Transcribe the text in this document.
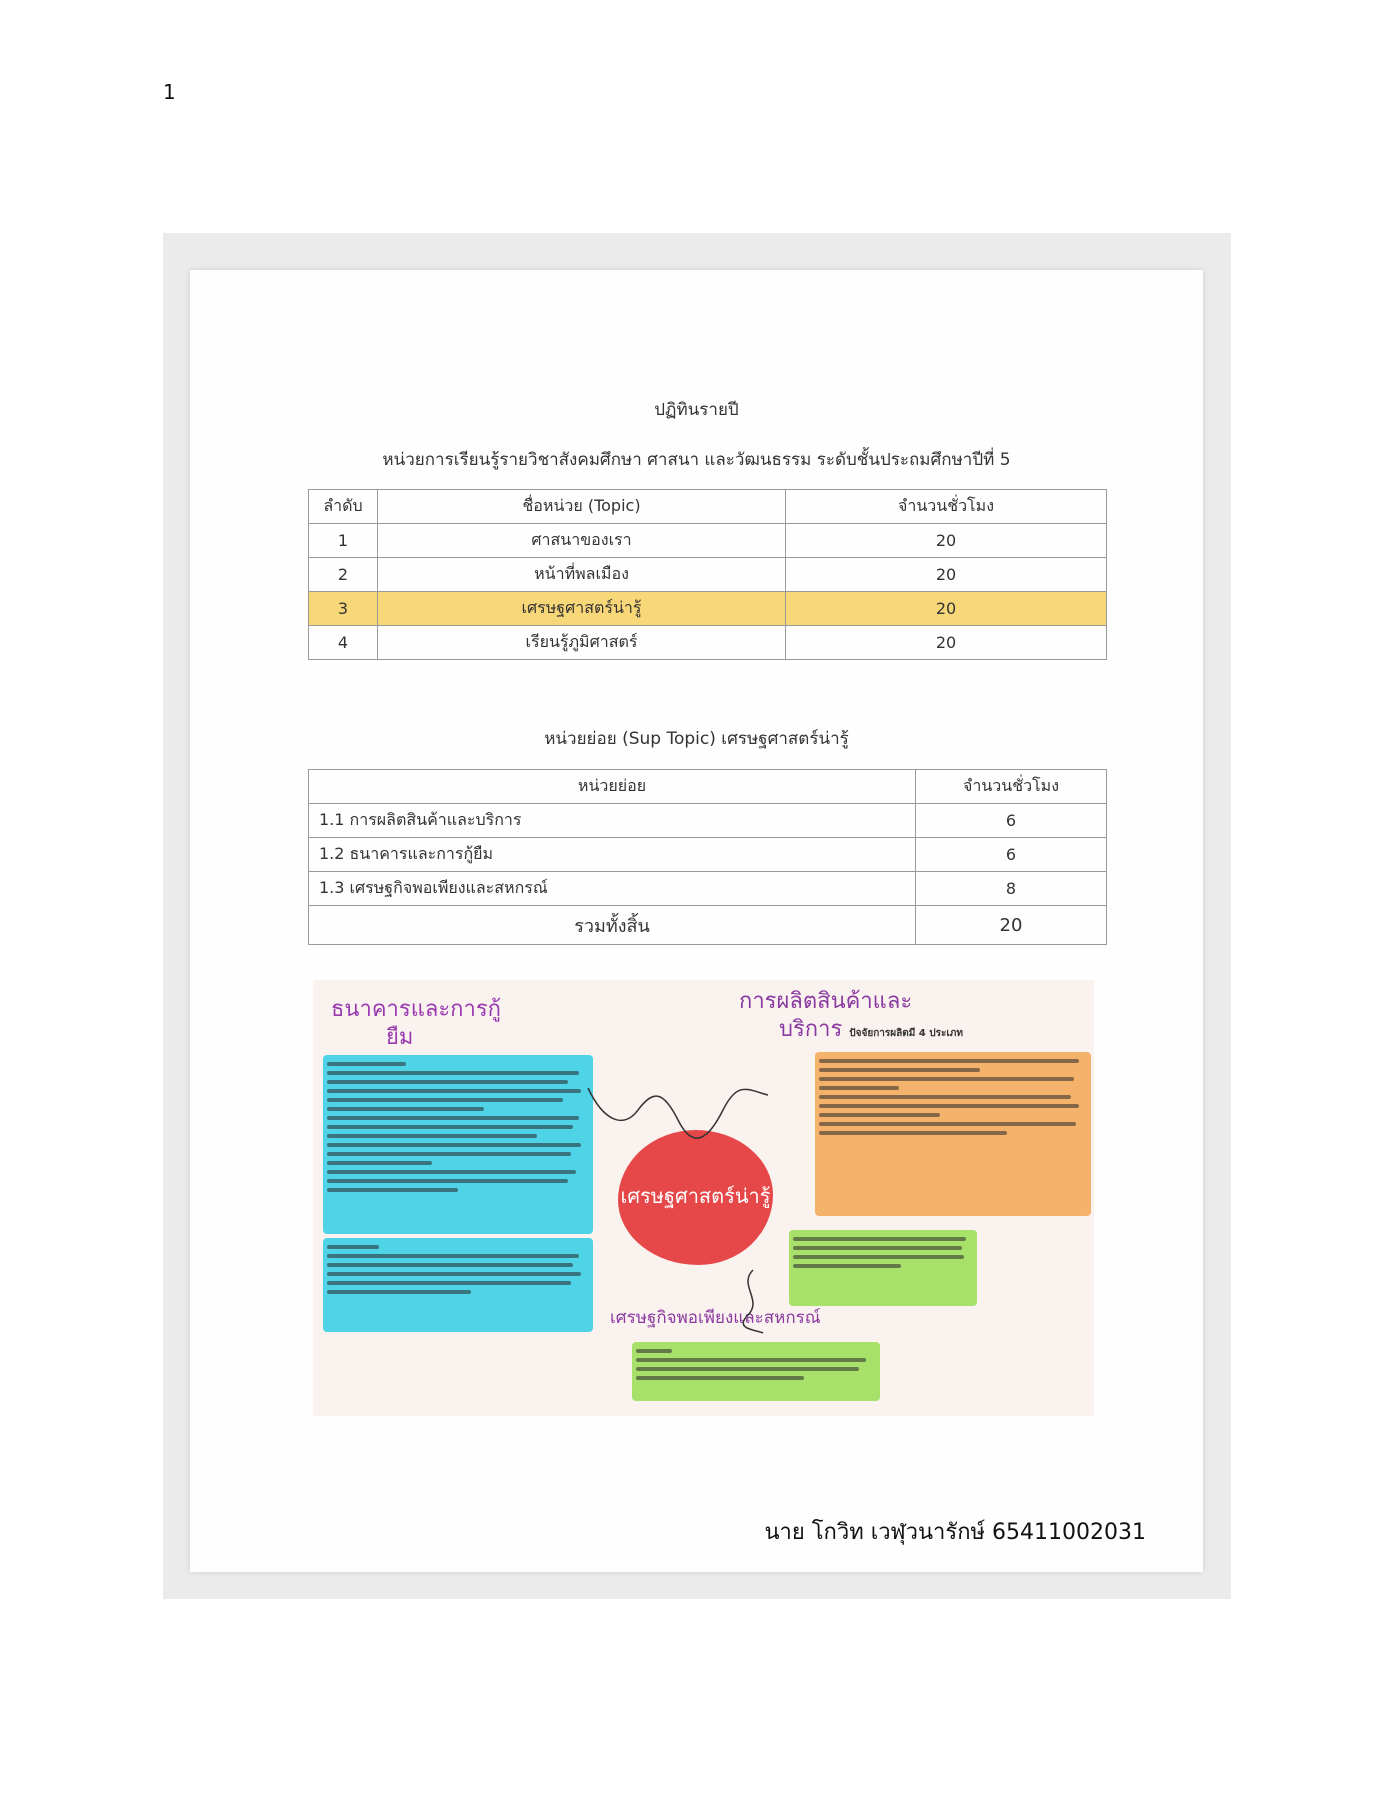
1
ปฏิทินรายปี
หน่วยการเรียนรู้รายวิชาสังคมศึกษา ศาสนา และวัฒนธรรม ระดับชั้นประถมศึกษาปีที่ 5
ลำดับ	ชื่อหน่วย (Topic)	จำนวนชั่วโมง
1	ศาสนาของเรา	20
2	หน้าที่พลเมือง	20
3	เศรษฐศาสตร์น่ารู้	20
4	เรียนรู้ภูมิศาสตร์	20
หน่วยย่อย (Sup Topic) เศรษฐศาสตร์น่ารู้
หน่วยย่อย	จำนวนชั่วโมง
1.1 การผลิตสินค้าและบริการ	6
1.2 ธนาคารและการกู้ยืม	6
1.3 เศรษฐกิจพอเพียงและสหกรณ์	8
รวมทั้งสิ้น	20
ธนาคารและการกู้
ยืม
การผลิตสินค้าและ
บริการ ปัจจัยการผลิตมี 4 ประเภท
เศรษฐกิจพอเพียงและสหกรณ์
เศรษฐศาสตร์น่ารู้
นาย โกวิท เวฬุวนารักษ์ 65411002031
